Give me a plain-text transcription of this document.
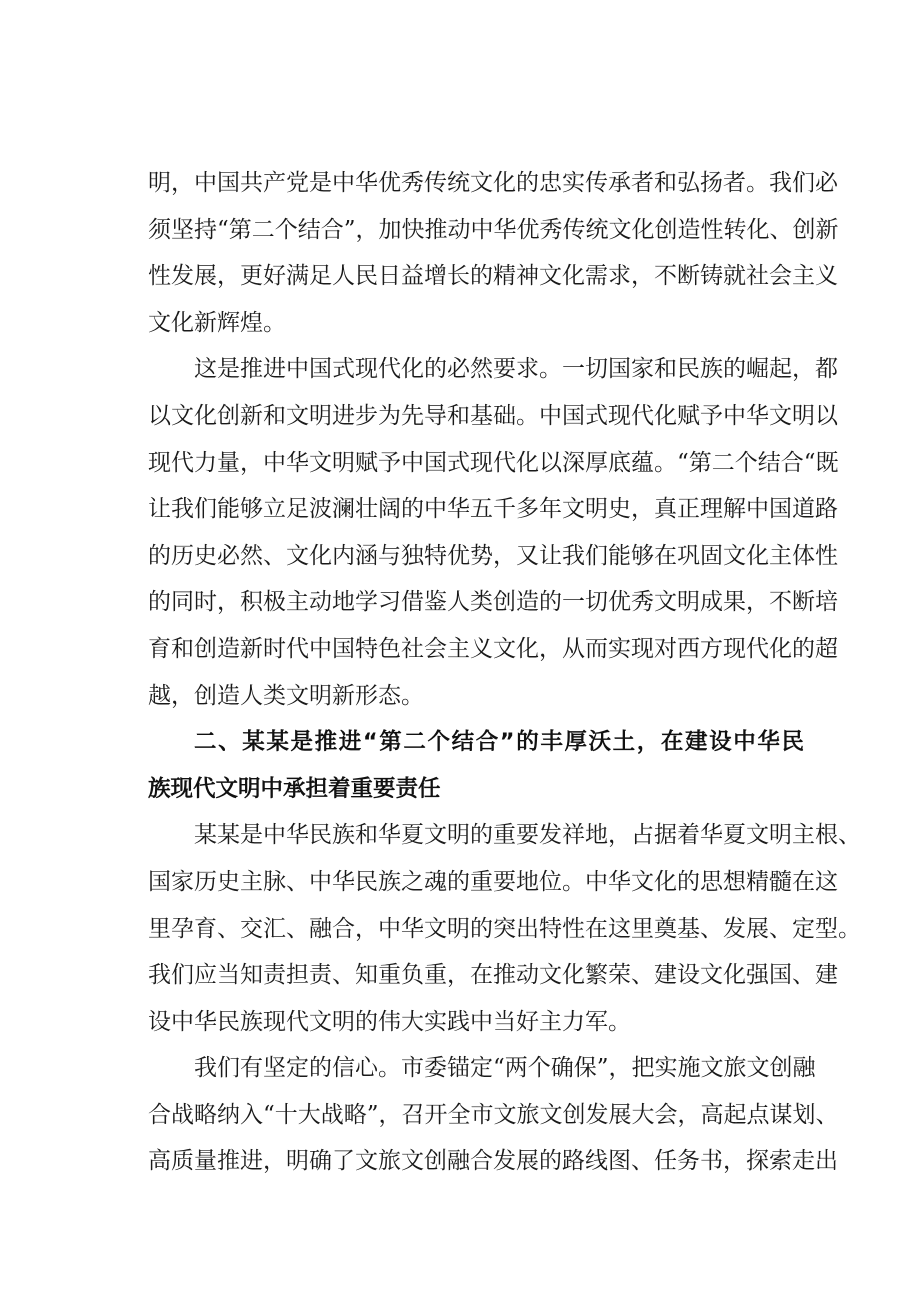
明，中国共产党是中华优秀传统文化的忠实传承者和弘扬者。我们必
须坚持“第二个结合”，加快推动中华优秀传统文化创造性转化、创新
性发展，更好满足人民日益增长的精神文化需求，不断铸就社会主义
文化新辉煌。
这是推进中国式现代化的必然要求。一切国家和民族的崛起，都
以文化创新和文明进步为先导和基础。中国式现代化赋予中华文明以
现代力量，中华文明赋予中国式现代化以深厚底蕴。“第二个结合“既
让我们能够立足波澜壮阔的中华五千多年文明史，真正理解中国道路
的历史必然、文化内涵与独特优势，又让我们能够在巩固文化主体性
的同时，积极主动地学习借鉴人类创造的一切优秀文明成果，不断培
育和创造新时代中国特色社会主义文化，从而实现对西方现代化的超
越，创造人类文明新形态。
二、某某是推进“第二个结合”的丰厚沃土，在建设中华民
族现代文明中承担着重要责任
某某是中华民族和华夏文明的重要发祥地，占据着华夏文明主根、
国家历史主脉、中华民族之魂的重要地位。中华文化的思想精髓在这
里孕育、交汇、融合，中华文明的突出特性在这里奠基、发展、定型。
我们应当知责担责、知重负重，在推动文化繁荣、建设文化强国、建
设中华民族现代文明的伟大实践中当好主力军。
我们有坚定的信心。市委锚定“两个确保”，把实施文旅文创融
合战略纳入“十大战略”，召开全市文旅文创发展大会，高起点谋划、
高质量推进，明确了文旅文创融合发展的路线图、任务书，探索走出
